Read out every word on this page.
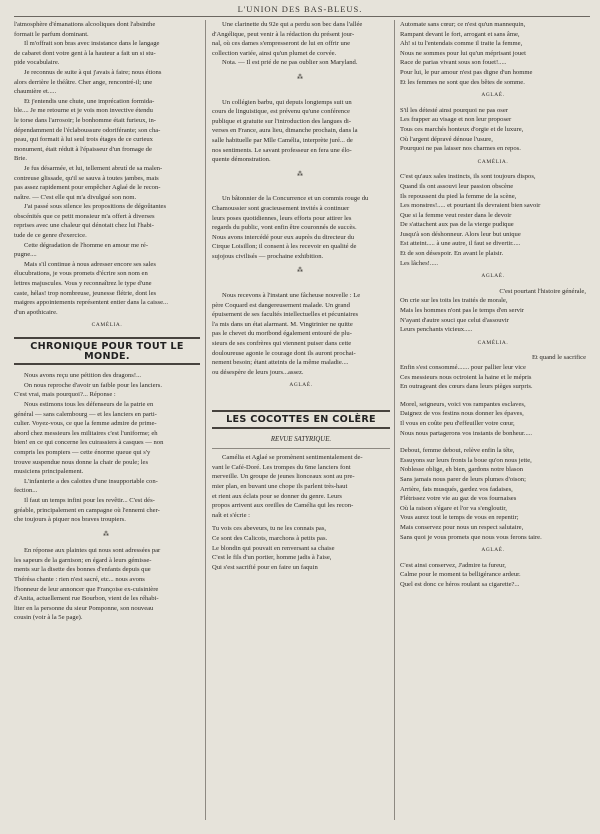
L'UNION DES BAS-BLEUS.

l'atmosphère d'émanations alcooliques dont l'absinthe

formait le parfum dominant.

Il m'offrait son bras avec insistance dans le langage

de cabaret dont votre gent à la hauteur a fait un si stu-

pide vocabulaire.

Je reconnus de suite à qui j'avais à faire; nous étions

alors derrière le théâtre. Cher ange, rencontré-il; une

chaumière et.....

Et j'entendis une chute, une imprécation formida-

ble.... Je me retourne et je vois mon invective étendu

le torse dans l'arrosoir; le bonhomme était furieux, in-

dépendamment de l'éclaboussure odoriférante; son cha-

peau, qui formait à lui seul trois étages de ce curieux

monument, était réduit à l'épaisseur d'un fromage de

Brie.

Je fus désarmée, et lui, tellement abrutí de sa malen-

contreuse glissade, qu'il se sauva à toutes jambes, mais

pas assez rapidement pour empêcher Aglaé de le recon-

naître. — C'est elle qui m'a divulgué son nom.

J'ai passé sous silence les propositions de dégoûtantes

obscénités que ce petit monsieur m'a offert à diverses

reprises avec une chaleur qui dénotait chez lui l'habi-

tude de ce genre d'exercice.

Cette dégradation de l'homme en amour me ré-

pugne....

Mais s'il continue à nous adresser encore ses sales

élucubrations, je vous promets d'écrire son nom en

lettres majuscules. Vous y reconnaîtrez le type d'une

caste, hélas! trop nombreuse, jeunesse flétrie, dont les

maigres appointements représentent entier dans la caisse...

d'un apothicaire.

CAMÉLIA.
CHRONIQUE POUR TOUT LE MONDE.

Nous avons reçu une pétition des dragons!...

On nous reproche d'avoir un faible pour les lanciers.

C'est vrai, mais pourquoi?... Réponse :

Nous estimons tous les défenseurs de la patrie en

général — sans calembourg — et les lanciers en parti-

culier. Voyez-vous, ce que la femme admire de prime-

abord chez messieurs les militaires c'est l'uniforme; eh

bien! en ce qui concerne les cuirassiers à casques — non

compris les pompiers — cette énorme queue qui s'y

trouve suspendue nous donne la chair de poule; les

musiciens principalement.

L'infanterie a des calottes d'une insupportable con-

fection...

Il faut un temps infini pour les revêtir... C'est dés-

gréable, principalement en campagne où l'ennemi cher-

che toujours à piquer nos braves troupiers.

⁂

En réponse aux plaintes qui nous sont adressées par

les sapeurs de la garnison; en égard à leurs gémisse-

ments sur la disette des bonnes d'enfants depuis que

Thérésa chante : rien n'est sacré, etc... nous avons

l'honneur de leur annoncer que Françoise ex-cuisinière

d'Anita, actuellement rue Bourbon, vient de les réhabi-

liter en la personne du sieur Pomponne, son nouveau

cousin (voir à la 5e page).

Une clarinette du 92e qui a perdu son bec dans l'allée

d'Angélique, peut venir à la rédaction du présent jour-

nal, où ces dames s'empresseront de lui en offrir une

collection variée, ainsi qu'un plumet de corvée.

Nota. — Il est prié de ne pas oublier son Maryland.

⁂

Un collégien barbu, qui depuis longtemps suit un

cours de linguistique, est prévenu qu'une conférence

publique et gratuite sur l'introduction des langues di-

verses en France, aura lieu, dimanche prochain, dans la

salle habituelle par Mlle Camélia, interprète juré... de

nos sentiments. Le savant professeur en fera une élo-

quente démonstration.

⁂

Un bâtonnier de la Concurrence et un commis rouge du

Chamoussier sont gracieusement invités à continuer

leurs poses quotidiennes, leurs efforts pour attirer les

regards du public, vont enfin être couronnés de succès.

Nous avons intercédé pour eux auprès du directeur du

Cirque Loisillon; il consent à les recevoir en qualité de

sujojous civilisés — prochaine exhibition.

⁂

Nous recevons à l'instant une fâcheuse nouvelle : Le

père Coquard est dangereusement malade. Un grand

épuisement de ses facultés intellectuelles et pécuniaires

l'a mis dans un état alarmant. M. Vingtrinier ne quitte

pas le chevet du moribond également entouré de plu-

sieurs de ses confrères qui viennent puiser dans cette

douloureuse agonie le courage dont ils auront prochai-

nement besoin; étant atteints de la même maladie....

ou désespère de leurs jours...assez.

AGLAÉ.
LES COCOTTES EN COLÈRE
REVUE SATYRIQUE.

Camélia et Aglaé se promènent sentimentalement de-

vant le Café-Doré. Les trompes du 6me lanciers font

merveille. Un groupe de jeunes lionceaux sont au pre-

mier plan, en buvant une chope ils parlent très-haut

et rient aux éclats pour se donner du genre. Leurs

propos arrivent aux oreilles de Camélia qui les recon-

naît et s'écrie :

Tu vois ces abeveurs, tu ne les connais pas,

Ce sont des Calicots, marchons à petits pas.

Le blondin qui pouvait en renversant sa chaise

C'est le fils d'un portier, homme jadis à l'aise,

Qui s'est sacrifié pour en faire un faquin

Automate sans cœur; ce n'est qu'un mannequin,

Rampant devant le fort, arrogant et sans âme,

Ah! si tu l'entendais comme il traite la femme,

Nous ne sommes pour lui qu'un méprisant jouet

Race de parias vivant sous son fouet!.....

Pour lui, le pur amour n'est pas digne d'un homme

Et les femmes ne sont que des bêtes de somme.

AGLAÉ.

S'il les détesté ainsi pourquoi ne pas oser

Les frapper au visage et non leur proposer

Tous ces marchés honteux d'orgie et de luxure,

Où l'argent dépravé dénoue l'usure,

Pourquoi ne pas laisser nos charmes en repos.

CAMÉLIA.

C'est qu'aux sales instincts, ils sont toujours dispos,

Quand ils ont assouvi leur passion obscène

Ils repoussent du pied la femme de la scène,

Les monstres!..... et pourtant ils devraient bien savoir

Que si la femme veut rester dans le devoir

De s'attachent aux pas de la vierge pudique

Jusqu'à son déshonneur. Alors leur but unique

Est atteint..... à une autre, il faut se divertir.....

Et de son désespoir. En avant le plaisir.

Les lâches!.....

AGLAÉ.

C'est pourtant l'histoire générale,

On crie sur les toits les traités de morale,

Mais les hommes n'ont pas le temps d'en servir

N'ayant d'autre souci que celui d'assouvir

Leurs penchants vicieux.....

CAMÉLIA.

Et quand le sacrifice

Enfin s'est consommé....... pour pallier leur vice

Ces messieurs nous octroient la haine et le mépris

En outrageant des cœurs dans leurs pièges surpris.

Morel, seigneurs, voici vos rampantes esclaves,

Daignez de vos festins nous donner les épaves,

Il vous en coûte peu d'effeuiller votre cœur,

Nous nous partagerons vos instants de bonheur.....

Debout, femme debout, relève enfin la tête,

Essuyons sur leurs fronts la boue qu'on nous jette,

Noblesse oblige, eh bien, gardons notre blason

Sans jamais nous parer de leurs plumes d'oison;

Arrière, fats musqués, gardez vos fadaises,

Flétrissez votre vie au gaz de vos fournaises

Où la raison s'égare et l'or va s'engloutir,

Vous aurez tout le temps de vous en repentir;

Mais conservez pour nous un respect salutaire,

Sans quoi je vous promets que nous vous ferons taire.

AGLAÉ.

C'est ainsi conservez, J'admire ta fureur,

Calme pour le moment ta belligérance ardeur.

Quel est donc ce héros roulant sa cigarette?...
